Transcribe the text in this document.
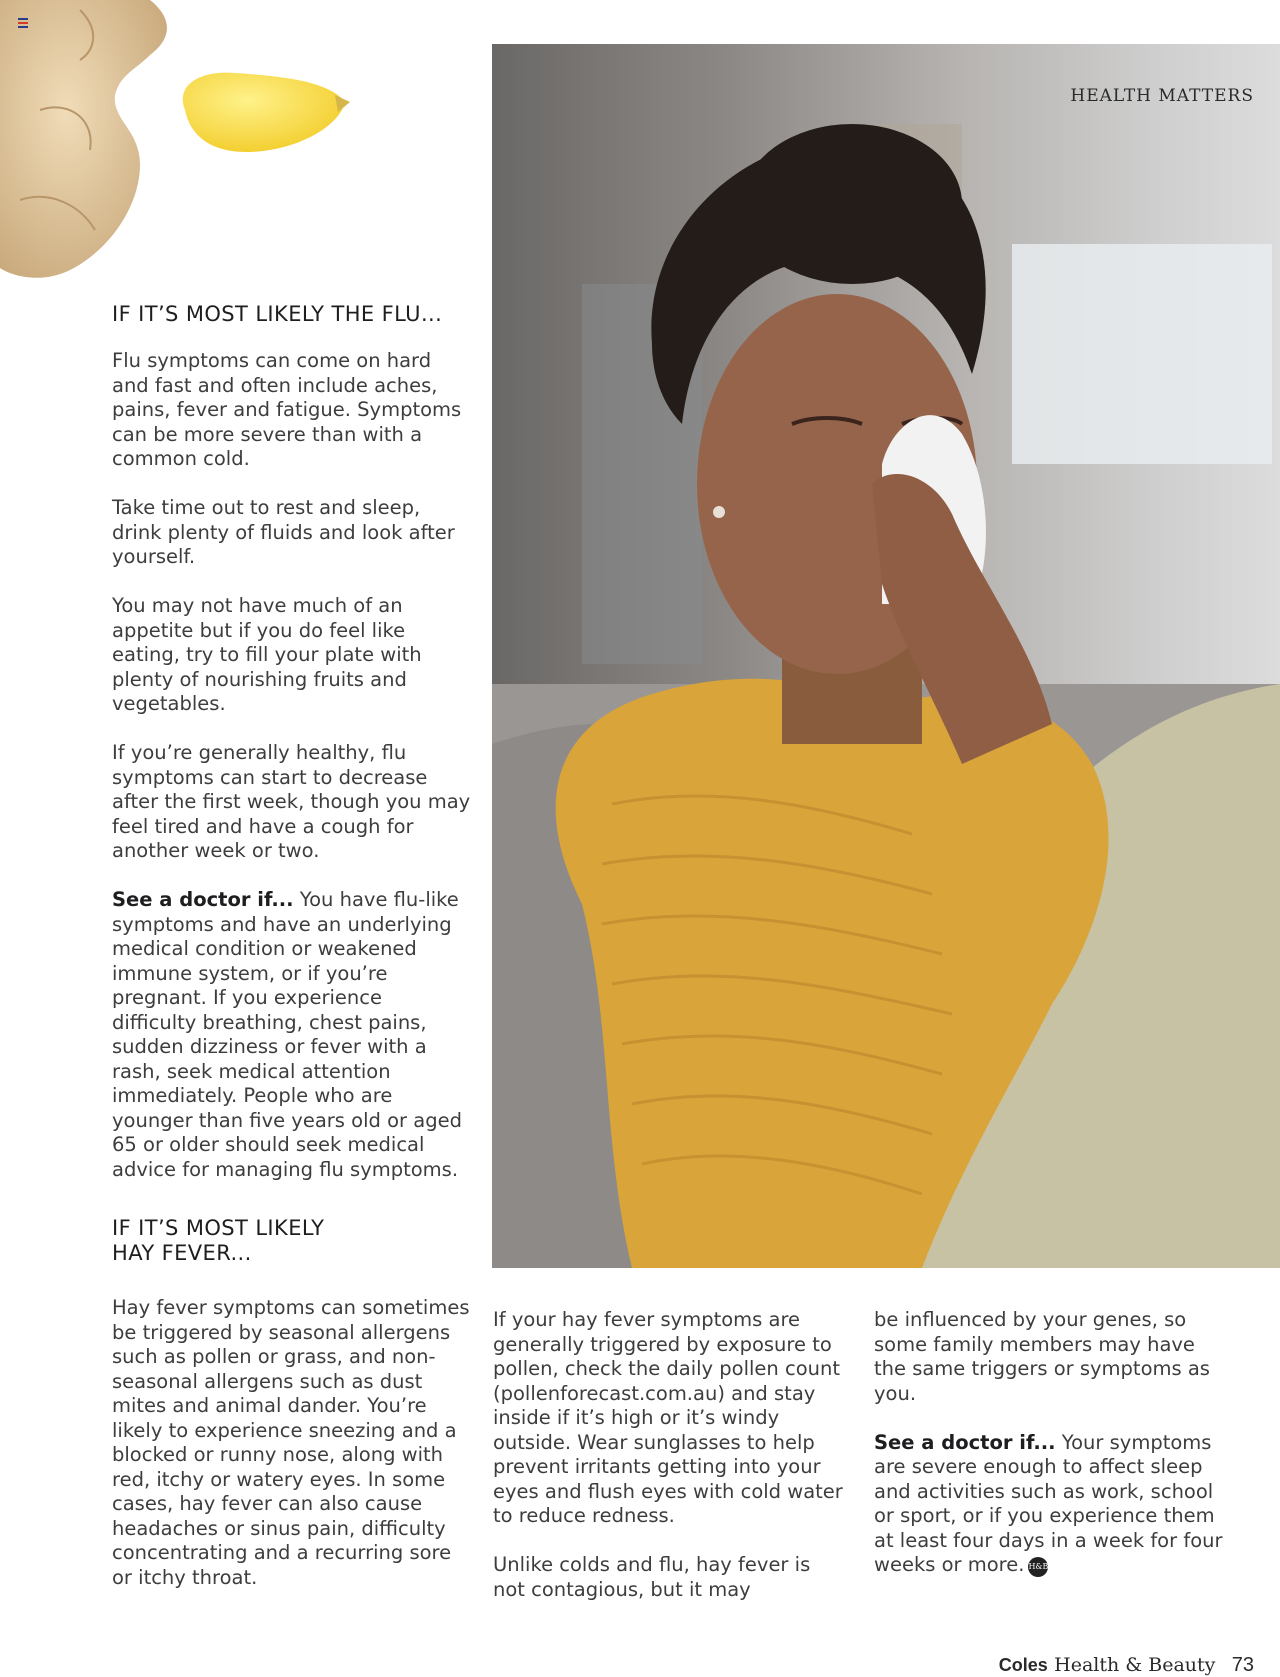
HEALTH MATTERS
IF IT’S MOST LIKELY THE FLU...

Flu symptoms can come on hard and fast and often include aches, pains, fever and fatigue. Symptoms can be more severe than with a common cold.

Take time out to rest and sleep, drink plenty of fluids and look after yourself.

You may not have much of an appetite but if you do feel like eating, try to fill your plate with plenty of nourishing fruits and vegetables.

If you’re generally healthy, flu symptoms can start to decrease after the first week, though you may feel tired and have a cough for another week or two.

See a doctor if... You have flu-like symptoms and have an underlying medical condition or weakened immune system, or if you’re pregnant. If you experience difficulty breathing, chest pains, sudden dizziness or fever with a rash, seek medical attention immediately. People who are younger than five years old or aged 65 or older should seek medical advice for managing flu symptoms.

IF IT’S MOST LIKELY
HAY FEVER...

Hay fever symptoms can sometimes be triggered by seasonal allergens such as pollen or grass, and non-seasonal allergens such as dust mites and animal dander. You’re likely to experience sneezing and a blocked or runny nose, along with red, itchy or watery eyes. In some cases, hay fever can also cause headaches or sinus pain, difficulty concentrating and a recurring sore or itchy throat.

If your hay fever symptoms are generally triggered by exposure to pollen, check the daily pollen count (pollenforecast.com.au) and stay inside if it’s high or it’s windy outside. Wear sunglasses to help prevent irritants getting into your eyes and flush eyes with cold water to reduce redness.

Unlike colds and flu, hay fever is not contagious, but it may

be influenced by your genes, so some family members may have the same triggers or symptoms as you.

See a doctor if... Your symptoms are severe enough to affect sleep and activities such as work, school or sport, or if you experience them at least four days in a week for four weeks or more. H&B

Coles Health & Beauty 73
